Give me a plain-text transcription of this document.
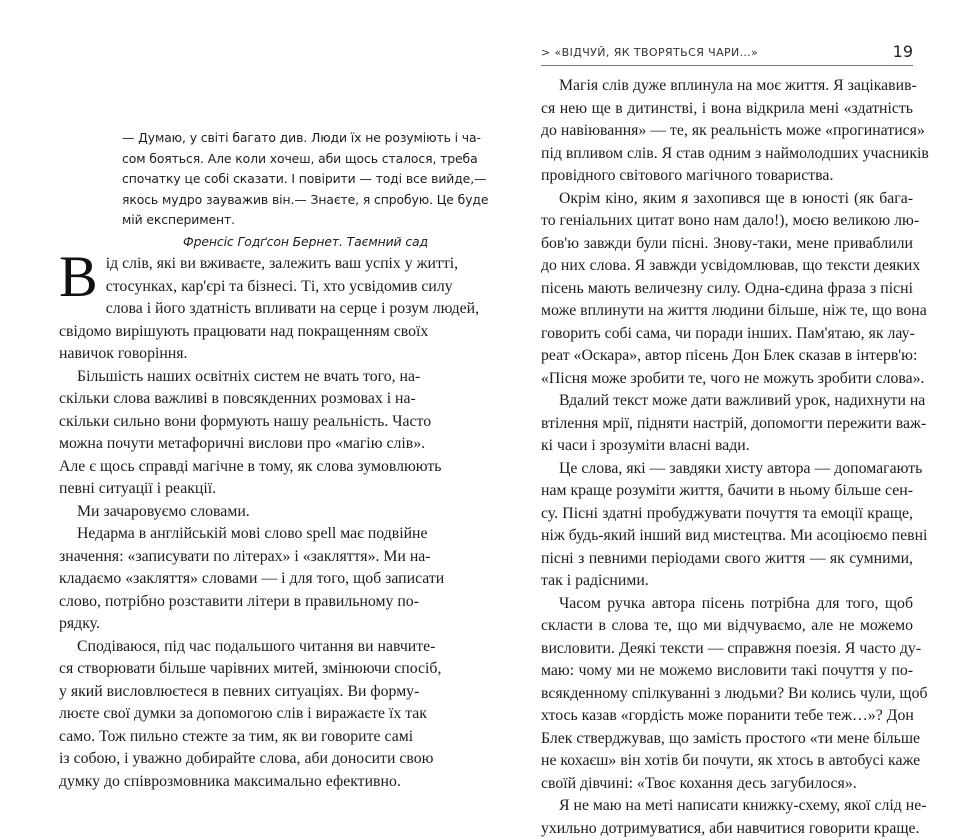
— Думаю, у світі багато див. Люди їх не розуміють і ча-
сом бояться. Але коли хочеш, аби щось сталося, треба
спочатку це собі сказати. І повірити — тоді все вийде,—
якось мудро зауважив він.— Знаєте, я спробую. Це буде
мій експеримент.
Френсіс Годґсон Бернет. Таємний сад
В ід слів, які ви вживаєте, залежить ваш успіх у житті,
стосунках, кар'єрі та бізнесі. Ті, хто усвідомив силу
слова і його здатність впливати на серце і розум людей,
свідомо вирішують працювати над покращенням своїх
навичок говоріння.
Більшість наших освітніх систем не вчать того, на-
скільки слова важливі в повсякденних розмовах і на-
скільки сильно вони формують нашу реальність. Часто
можна почути метафоричні вислови про «магію слів».
Але є щось справді магічне в тому, як слова зумовлюють
певні ситуації і реакції.
Ми зачаровуємо словами.
Недарма в англійській мові слово spell має подвійне
значення: «записувати по літерах» і «закляття». Ми на-
кладаємо «закляття» словами — і для того, щоб записати
слово, потрібно розставити літери в правильному по-
рядку.
Сподіваюся, під час подальшого читання ви навчите-
ся створювати більше чарівних митей, змінюючи спосіб,
у який висловлюєтеся в певних ситуаціях. Ви форму-
люєте свої думки за допомогою слів і виражаєте їх так
само. Тож пильно стежте за тим, як ви говорите самі
із собою, і уважно добирайте слова, аби доносити свою
думку до співрозмовника максимально ефективно.
> «ВІДЧУЙ, ЯК ТВОРЯТЬСЯ ЧАРИ…»	19
Магія слів дуже вплинула на моє життя. Я зацікавив-
ся нею ще в дитинстві, і вона відкрила мені «здатність
до навіювання» — те, як реальність може «прогинатися»
під впливом слів. Я став одним з наймолодших учасників
провідного світового магічного товариства.
Окрім кіно, яким я захопився ще в юності (як бага-
то геніальних цитат воно нам дало!), моєю великою лю-
бов'ю завжди були пісні. Знову-таки, мене приваблили
до них слова. Я завжди усвідомлював, що тексти деяких
пісень мають величезну силу. Одна-єдина фраза з пісні
може вплинути на життя людини більше, ніж те, що вона
говорить собі сама, чи поради інших. Пам'ятаю, як лау-
реат «Оскара», автор пісень Дон Блек сказав в інтерв'ю:
«Пісня може зробити те, чого не можуть зробити слова».
Вдалий текст може дати важливий урок, надихнути на
втілення мрії, підняти настрій, допомогти пережити важ-
кі часи і зрозуміти власні вади.
Це слова, які — завдяки хисту автора — допомагають
нам краще розуміти життя, бачити в ньому більше сен-
су. Пісні здатні пробуджувати почуття та емоції краще,
ніж будь-який інший вид мистецтва. Ми асоціюємо певні
пісні з певними періодами свого життя — як сумними,
так і радісними.
Часом ручка автора пісень потрібна для того, щоб
скласти в слова те, що ми відчуваємо, але не можемо
висловити. Деякі тексти — справжня поезія. Я часто ду-
маю: чому ми не можемо висловити такі почуття у по-
всякденному спілкуванні з людьми? Ви колись чули, щоб
хтось казав «гордість може поранити тебе теж…»? Дон
Блек стверджував, що замість простого «ти мене більше
не кохаєш» він хотів би почути, як хтось в автобусі каже
своїй дівчині: «Твоє кохання десь загубилося».
Я не маю на меті написати книжку-схему, якої слід не-
ухильно дотримуватися, аби навчитися говорити краще.
